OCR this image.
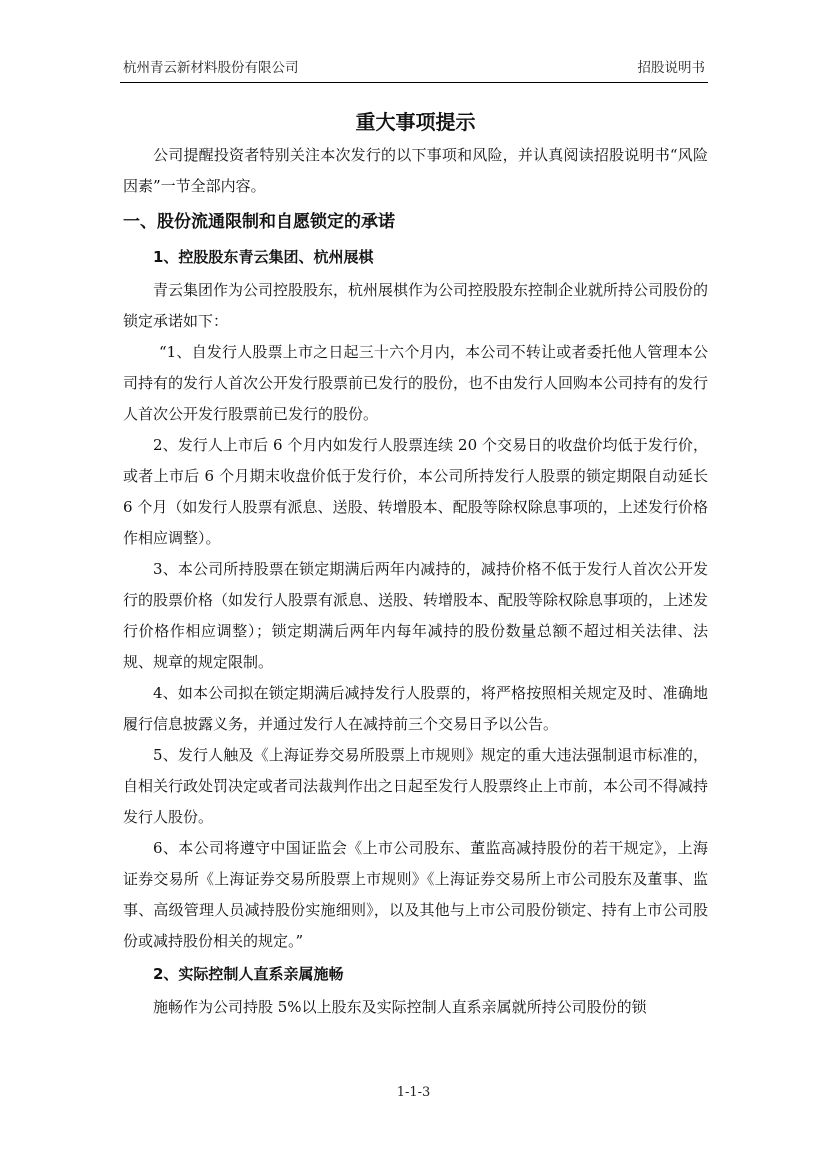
杭州青云新材料股份有限公司	招股说明书
重大事项提示

公司提醒投资者特别关注本次发行的以下事项和风险，并认真阅读招股说明书“风险因素”一节全部内容。

一、股份流通限制和自愿锁定的承诺
1、控股股东青云集团、杭州展棋

青云集团作为公司控股股东，杭州展棋作为公司控股股东控制企业就所持公司股份的锁定承诺如下：

“1、自发行人股票上市之日起三十六个月内，本公司不转让或者委托他人管理本公司持有的发行人首次公开发行股票前已发行的股份，也不由发行人回购本公司持有的发行人首次公开发行股票前已发行的股份。

2、发行人上市后 6 个月内如发行人股票连续 20 个交易日的收盘价均低于发行价，或者上市后 6 个月期末收盘价低于发行价，本公司所持发行人股票的锁定期限自动延长 6 个月（如发行人股票有派息、送股、转增股本、配股等除权除息事项的，上述发行价格作相应调整）。

3、本公司所持股票在锁定期满后两年内减持的，减持价格不低于发行人首次公开发行的股票价格（如发行人股票有派息、送股、转增股本、配股等除权除息事项的，上述发行价格作相应调整）；锁定期满后两年内每年减持的股份数量总额不超过相关法律、法规、规章的规定限制。

4、如本公司拟在锁定期满后减持发行人股票的，将严格按照相关规定及时、准确地履行信息披露义务，并通过发行人在减持前三个交易日予以公告。

5、发行人触及《上海证券交易所股票上市规则》规定的重大违法强制退市标准的，自相关行政处罚决定或者司法裁判作出之日起至发行人股票终止上市前，本公司不得减持发行人股份。

6、本公司将遵守中国证监会《上市公司股东、董监高减持股份的若干规定》，上海证券交易所《上海证券交易所股票上市规则》《上海证券交易所上市公司股东及董事、监事、高级管理人员减持股份实施细则》，以及其他与上市公司股份锁定、持有上市公司股份或减持股份相关的规定。”

2、实际控制人直系亲属施畅

施畅作为公司持股 5%以上股东及实际控制人直系亲属就所持公司股份的锁

1-1-3
